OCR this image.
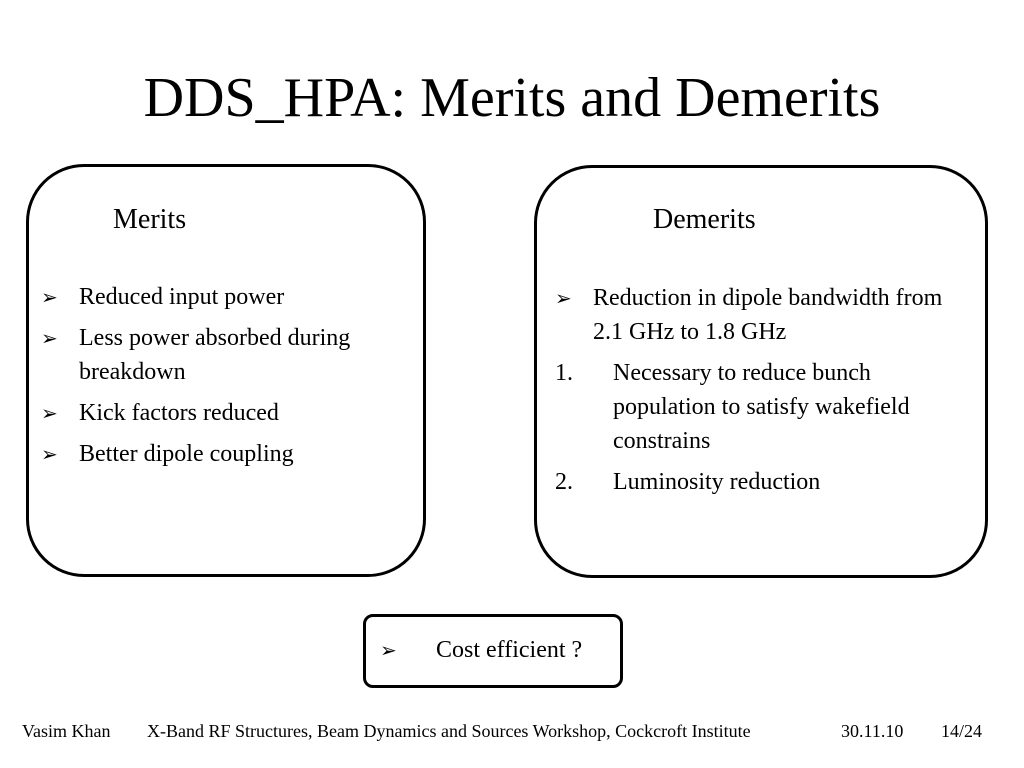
DDS_HPA: Merits and Demerits
Merits
➢ Reduced input power
➢ Less power absorbed during breakdown
➢ Kick factors reduced
➢ Better dipole coupling
Demerits
➢ Reduction in dipole bandwidth from 2.1 GHz to 1.8 GHz
1. Necessary to reduce bunch population to satisfy wakefield constrains
2. Luminosity reduction
➢ Cost efficient ?
Vasim Khan X-Band RF Structures, Beam Dynamics and Sources Workshop, Cockcroft Institute	30.11.10 14/24
